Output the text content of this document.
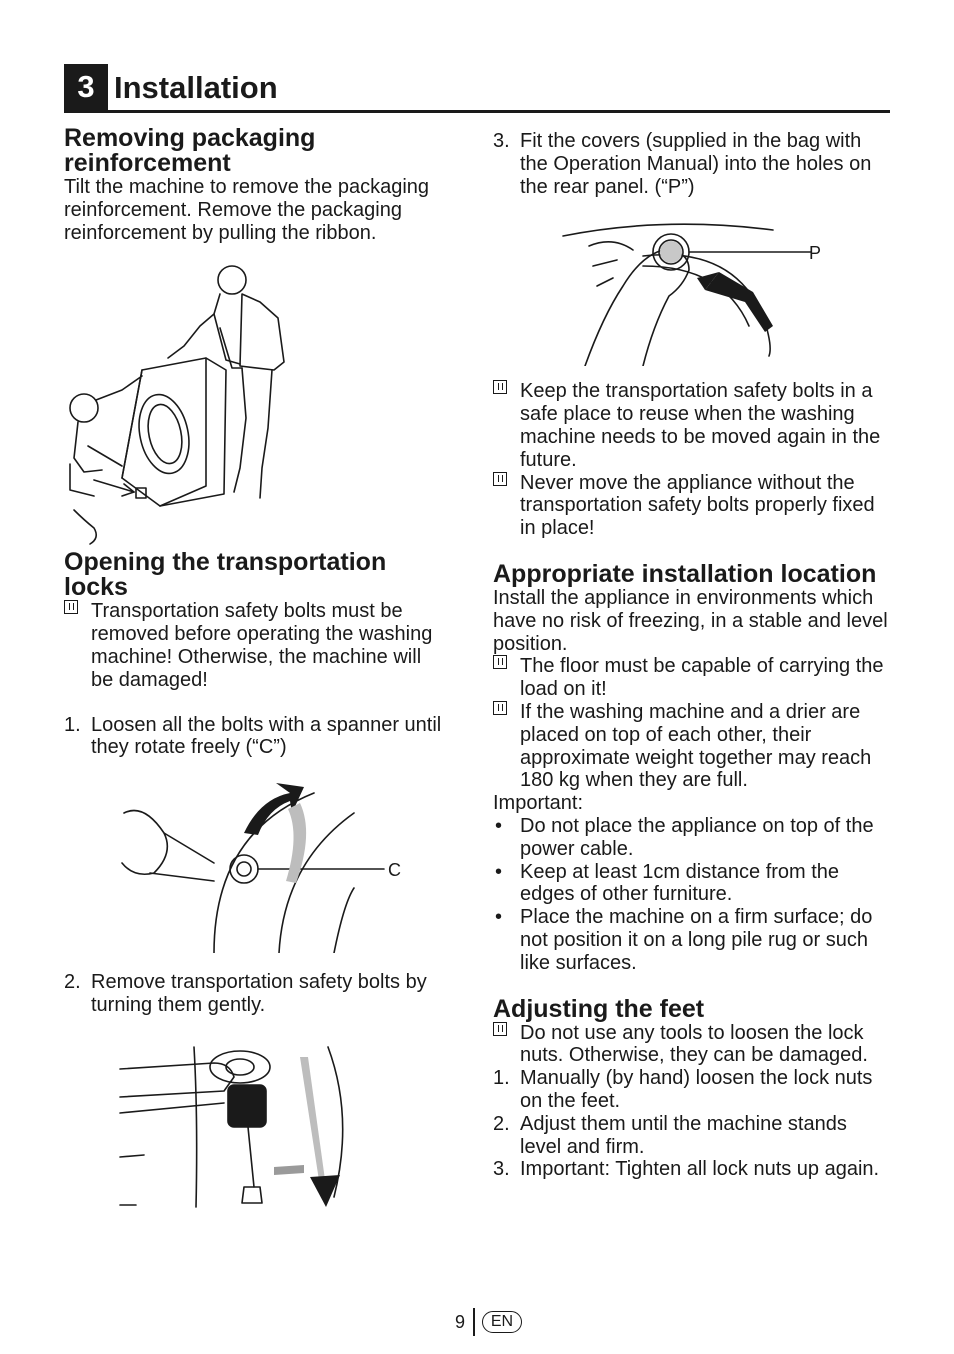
3 Installation
Removing packaging reinforcement

Tilt the machine to remove the packaging reinforcement. Remove the packaging reinforcement by pulling the ribbon.

Opening the transportation locks
Transportation safety bolts must be removed before operating the washing machine! Otherwise, the machine will be damaged!
1. Loosen all the bolts with a spanner until they rotate freely (“C”)
C
2. Remove transportation safety bolts by turning them gently.
3. Fit the covers (supplied in the bag with the Operation Manual) into the holes on the rear panel. (“P”)
P
Keep the transportation safety bolts in a safe place to reuse when the washing machine needs to be moved again in the future.
Never move the appliance without the transportation safety bolts properly fixed in place!
Appropriate installation location

Install the appliance in environments which have no risk of freezing, in a stable and level position.

The floor must be capable of carrying the load on it!
If the washing machine and a drier are placed on top of each other, their approximate weight together may reach 180 kg when they are full.

Important:

• Do not place the appliance on top of the power cable.
• Keep at least 1cm distance from the edges of other furniture.
• Place the machine on a firm surface; do not position it on a long pile rug or such like surfaces.
Adjusting the feet
Do not use any tools to loosen the lock nuts. Otherwise, they can be damaged.
1. Manually (by hand) loosen the lock nuts on the feet.
2. Adjust them until the machine stands level and firm.
3. Important: Tighten all lock nuts up again.
9	EN
